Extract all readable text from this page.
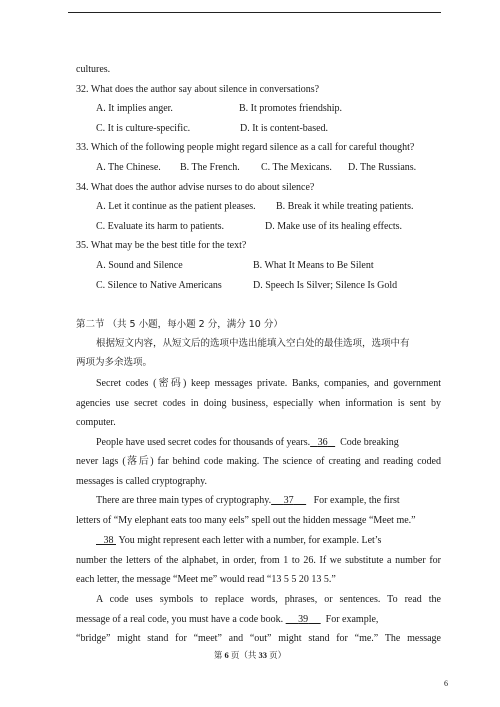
cultures.
32. What does the author say about silence in conversations?
A. It implies anger.	B. It promotes friendship.
C. It is culture-specific.	D. It is content-based.
33. Which of the following people might regard silence as a call for careful thought?
A. The Chinese. B. The French. C. The Mexicans. D. The Russians.
34. What does the author advise nurses to do about silence?
A. Let it continue as the patient pleases. B. Break it while treating patients.
C. Evaluate its harm to patients.	D. Make use of its healing effects.
35. What may be the best title for the text?
A. Sound and Silence	B. What It Means to Be Silent
C. Silence to Native Americans	D. Speech Is Silver; Silence Is Gold
第二节 （共 5 小题，每小题 2 分，满分 10 分）
根据短文内容，从短文后的选项中选出能填入空白处的最佳选项，选项中有
两项为多余选项。
Secret codes (密码) keep messages private. Banks, companies, and government
agencies use secret codes in doing business, especially when information is sent by
computer.
People have used secret codes for thousands of years. 36 Code breaking
never lags (落后) far behind code making. The science of creating and reading coded
messages is called cryptography.
There are three main types of cryptography. 37 For example, the first
letters of “My elephant eats too many eels” spell out the hidden message “Meet me.”
38 You might represent each letter with a number, for example. Let’s
number the letters of the alphabet, in order, from 1 to 26. If we substitute a number for
each letter, the message “Meet me” would read “13 5 5 20 13 5.”
A code uses symbols to replace words, phrases, or sentences. To read the
message of a real code, you must have a code book. 39 For example,
“bridge” might stand for “meet” and “out” might stand for “me.” The message
第 6 页（共 33 页）
6
